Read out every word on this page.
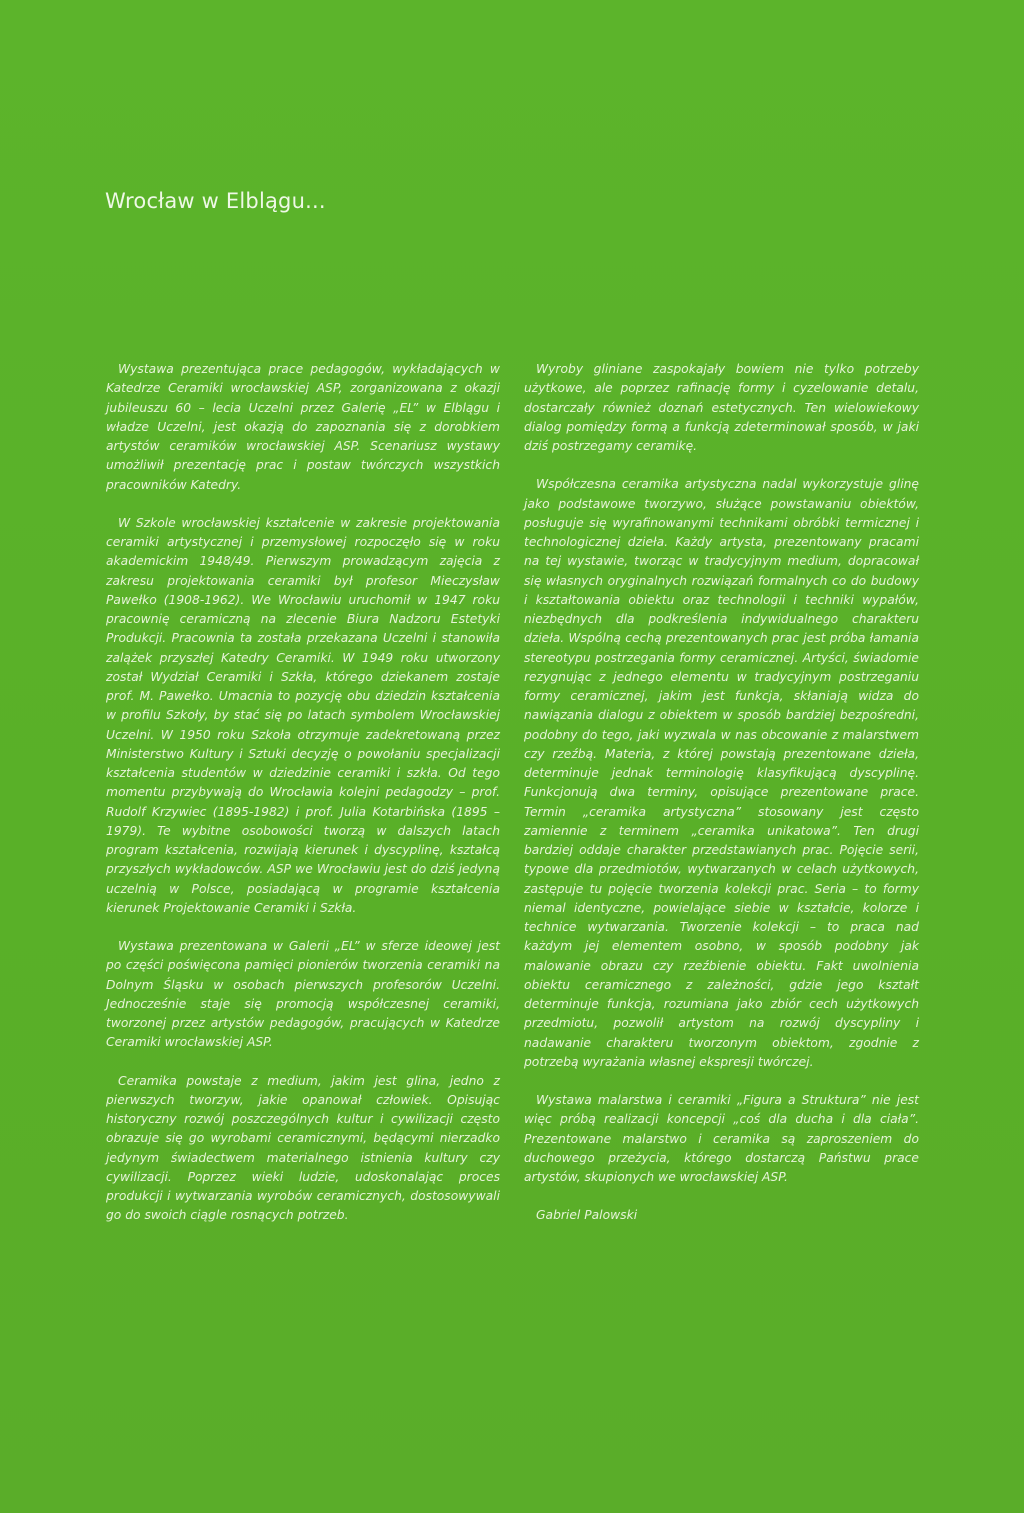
Wrocław w Elblągu...

Wystawa prezentująca prace pedagogów, wykładających w Katedrze Ceramiki wrocławskiej ASP, zorganizowana z okazji jubileuszu 60 – lecia Uczelni przez Galerię „EL” w Elblągu i władze Uczelni, jest okazją do zapoznania się z dorobkiem artystów ceramików wrocławskiej ASP. Scenariusz wystawy umożliwił prezentację prac i postaw twórczych wszystkich pracowników Katedry.

W Szkole wrocławskiej kształcenie w zakresie projektowania ceramiki artystycznej i przemysłowej rozpoczęło się w roku akademickim 1948/49. Pierwszym prowadzącym zajęcia z zakresu projektowania ceramiki był profesor Mieczysław Pawełko (1908-1962). We Wrocławiu uruchomił w 1947 roku pracownię ceramiczną na zlecenie Biura Nadzoru Estetyki Produkcji. Pracownia ta została przekazana Uczelni i stanowiła zalążek przyszłej Katedry Ceramiki. W 1949 roku utworzony został Wydział Ceramiki i Szkła, którego dziekanem zostaje prof. M. Pawełko. Umacnia to pozycję obu dziedzin kształcenia w profilu Szkoły, by stać się po latach symbolem Wrocławskiej Uczelni. W 1950 roku Szkoła otrzymuje zadekretowaną przez Ministerstwo Kultury i Sztuki decyzję o powołaniu specjalizacji kształcenia studentów w dziedzinie ceramiki i szkła. Od tego momentu przybywają do Wrocławia kolejni pedagodzy – prof. Rudolf Krzywiec (1895-1982) i prof. Julia Kotarbińska (1895 – 1979). Te wybitne osobowości tworzą w dalszych latach program kształcenia, rozwijają kierunek i dyscyplinę, kształcą przyszłych wykładowców. ASP we Wrocławiu jest do dziś jedyną uczelnią w Polsce, posiadającą w programie kształcenia kierunek Projektowanie Ceramiki i Szkła.

Wystawa prezentowana w Galerii „EL” w sferze ideowej jest po części poświęcona pamięci pionierów tworzenia ceramiki na Dolnym Śląsku w osobach pierwszych profesorów Uczelni. Jednocześnie staje się promocją współczesnej ceramiki, tworzonej przez artystów pedagogów, pracujących w Katedrze Ceramiki wrocławskiej ASP.

Ceramika powstaje z medium, jakim jest glina, jedno z pierwszych tworzyw, jakie opanował człowiek. Opisując historyczny rozwój poszczególnych kultur i cywilizacji często obrazuje się go wyrobami ceramicznymi, będącymi nierzadko jedynym świadectwem materialnego istnienia kultury czy cywilizacji. Poprzez wieki ludzie, udoskonalając proces produkcji i wytwarzania wyrobów ceramicznych, dostosowywali go do swoich ciągle rosnących potrzeb.

Wyroby gliniane zaspokajały bowiem nie tylko potrzeby użytkowe, ale poprzez rafinację formy i cyzelowanie detalu, dostarczały również doznań estetycznych. Ten wielowiekowy dialog pomiędzy formą a funkcją zdeterminował sposób, w jaki dziś postrzegamy ceramikę.

Współczesna ceramika artystyczna nadal wykorzystuje glinę jako podstawowe tworzywo, służące powstawaniu obiektów, posługuje się wyrafinowanymi technikami obróbki termicznej i technologicznej dzieła. Każdy artysta, prezentowany pracami na tej wystawie, tworząc w tradycyjnym medium, dopracował się własnych oryginalnych rozwiązań formalnych co do budowy i kształtowania obiektu oraz technologii i techniki wypałów, niezbędnych dla podkreślenia indywidualnego charakteru dzieła. Wspólną cechą prezentowanych prac jest próba łamania stereotypu postrzegania formy ceramicznej. Artyści, świadomie rezygnując z jednego elementu w tradycyjnym postrzeganiu formy ceramicznej, jakim jest funkcja, skłaniają widza do nawiązania dialogu z obiektem w sposób bardziej bezpośredni, podobny do tego, jaki wyzwala w nas obcowanie z malarstwem czy rzeźbą. Materia, z której powstają prezentowane dzieła, determinuje jednak terminologię klasyfikującą dyscyplinę. Funkcjonują dwa terminy, opisujące prezentowane prace. Termin „ceramika artystyczna” stosowany jest często zamiennie z terminem „ceramika unikatowa”. Ten drugi bardziej oddaje charakter przedstawianych prac. Pojęcie serii, typowe dla przedmiotów, wytwarzanych w celach użytkowych, zastępuje tu pojęcie tworzenia kolekcji prac. Seria – to formy niemal identyczne, powielające siebie w kształcie, kolorze i technice wytwarzania. Tworzenie kolekcji – to praca nad każdym jej elementem osobno, w sposób podobny jak malowanie obrazu czy rzeźbienie obiektu. Fakt uwolnienia obiektu ceramicznego z zależności, gdzie jego kształt determinuje funkcja, rozumiana jako zbiór cech użytkowych przedmiotu, pozwolił artystom na rozwój dyscypliny i nadawanie charakteru tworzonym obiektom, zgodnie z potrzebą wyrażania własnej ekspresji twórczej.

Wystawa malarstwa i ceramiki „Figura a Struktura” nie jest więc próbą realizacji koncepcji „coś dla ducha i dla ciała”. Prezentowane malarstwo i ceramika są zaproszeniem do duchowego przeżycia, którego dostarczą Państwu prace artystów, skupionych we wrocławskiej ASP.

Gabriel Palowski
